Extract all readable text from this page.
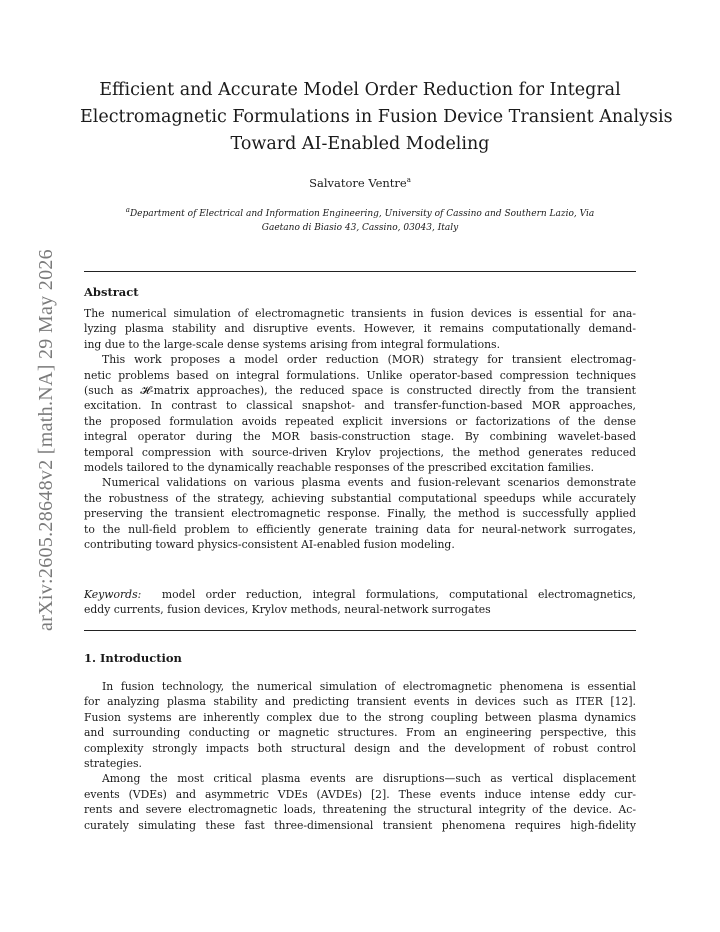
arXiv:2605.28648v2 [math.NA] 29 May 2026
Efficient and Accurate Model Order Reduction for Integral
Electromagnetic Formulations in Fusion Device Transient Analysis
Toward AI-Enabled Modeling
Salvatore Ventre$^a$
$^a$Department of Electrical and Information Engineering, University of Cassino and Southern Lazio, Via
Gaetano di Biasio 43, Cassino, 03043, Italy
Abstract
The numerical simulation of electromagnetic transients in fusion devices is essential for ana-
lyzing plasma stability and disruptive events. However, it remains computationally demand-
ing due to the large-scale dense systems arising from integral formulations.
This work proposes a model order reduction (MOR) strategy for transient electromag-
netic problems based on integral formulations. Unlike operator-based compression techniques
(such as 𝓗-matrix approaches), the reduced space is constructed directly from the transient
excitation. In contrast to classical snapshot- and transfer-function-based MOR approaches,
the proposed formulation avoids repeated explicit inversions or factorizations of the dense
integral operator during the MOR basis-construction stage. By combining wavelet-based
temporal compression with source-driven Krylov projections, the method generates reduced
models tailored to the dynamically reachable responses of the prescribed excitation families.
Numerical validations on various plasma events and fusion-relevant scenarios demonstrate
the robustness of the strategy, achieving substantial computational speedups while accurately
preserving the transient electromagnetic response. Finally, the method is successfully applied
to the null-field problem to efficiently generate training data for neural-network surrogates,
contributing toward physics-consistent AI-enabled fusion modeling.
Keywords: model order reduction, integral formulations, computational electromagnetics,
eddy currents, fusion devices, Krylov methods, neural-network surrogates
1. Introduction
In fusion technology, the numerical simulation of electromagnetic phenomena is essential
for analyzing plasma stability and predicting transient events in devices such as ITER [12].
Fusion systems are inherently complex due to the strong coupling between plasma dynamics
and surrounding conducting or magnetic structures. From an engineering perspective, this
complexity strongly impacts both structural design and the development of robust control
strategies.
Among the most critical plasma events are disruptions—such as vertical displacement
events (VDEs) and asymmetric VDEs (AVDEs) [2]. These events induce intense eddy cur-
rents and severe electromagnetic loads, threatening the structural integrity of the device. Ac-
curately simulating these fast three-dimensional transient phenomena requires high-fidelity
